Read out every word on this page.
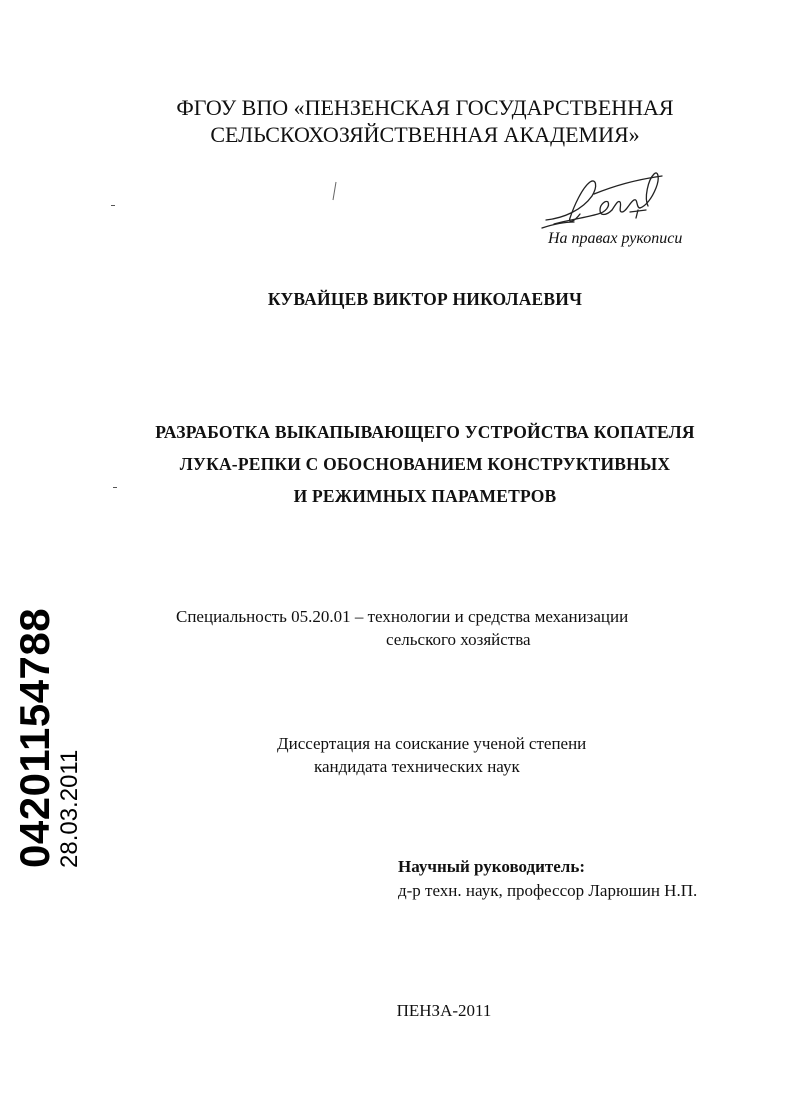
ФГОУ ВПО «ПЕНЗЕНСКАЯ ГОСУДАРСТВЕННАЯ
СЕЛЬСКОХОЗЯЙСТВЕННАЯ АКАДЕМИЯ»
На правах рукописи
КУВАЙЦЕВ ВИКТОР НИКОЛАЕВИЧ
РАЗРАБОТКА ВЫКАПЫВАЮЩЕГО УСТРОЙСТВА КОПАТЕЛЯ
ЛУКА-РЕПКИ С ОБОСНОВАНИЕМ КОНСТРУКТИВНЫХ
И РЕЖИМНЫХ ПАРАМЕТРОВ
Специальность 05.20.01 – технологии и средства механизации
сельского хозяйства
Диссертация на соискание ученой степени
кандидата технических наук
Научный руководитель:
д-р техн. наук, профессор Ларюшин Н.П.
ПЕНЗА-2011
04201154788
28.03.2011
